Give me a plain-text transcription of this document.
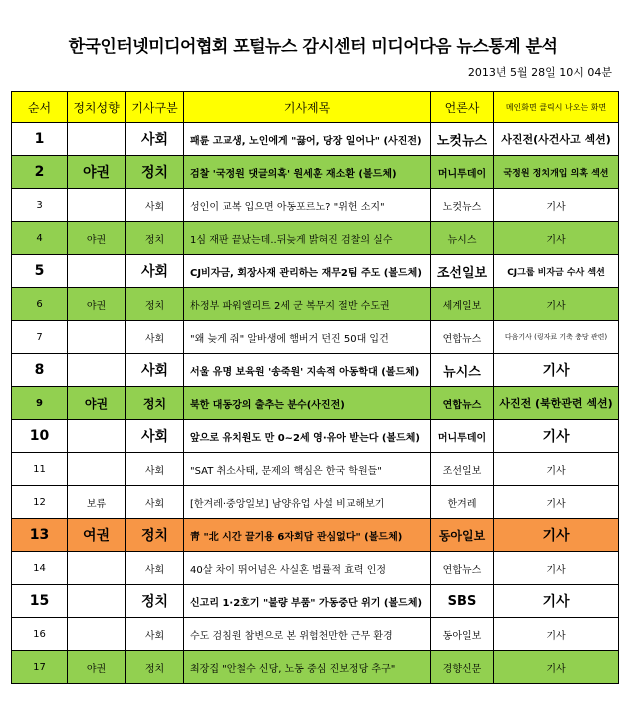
한국인터넷미디어협회 포털뉴스 감시센터 미디어다음 뉴스통계 분석
2013년 5월 28일 10시 04분
순서	정치성향	기사구분	기사제목	언론사	메인화면 클릭시 나오는 화면
1		사회	패륜 고교생, 노인에게 "끓어, 당장 일어나" (사진전)	노컷뉴스	사진전(사건사고 섹션)
2	야권	정치	검찰 '국정원 댓글의혹' 원세훈 재소환 (볼드체)	머니투데이	국정원 정치개입 의혹 섹션
3		사회	성인이 교복 입으면 아동포르노? "위헌 소지"	노컷뉴스	기사
4	야권	정치	1심 재판 끝났는데..뒤늦게 밝혀진 검찰의 실수	뉴시스	기사
5		사회	CJ비자금, 회장사재 관리하는 재무2팀 주도 (볼드체)	조선일보	CJ그룹 비자금 수사 섹션
6	야권	정치	朴정부 파워엘리트 2세 군 복무지 절반 수도권	세계일보	기사
7		사회	"왜 늦게 줘" 알바생에 햄버거 던진 50대 입건	연합뉴스	다음기사 (링자료 기축 충당 관련)
8		사회	서울 유명 보육원 '송죽원' 지속적 아동학대 (볼드체)	뉴시스	기사
9	야권	정치	북한 대동강의 출추는 분수(사진전)	연합뉴스	사진전 (북한관련 섹션)
10		사회	앞으로 유치원도 만 0~2세 영·유아 받는다 (볼드체)	머니투데이	기사
11		사회	"SAT 취소사태, 문제의 핵심은 한국 학원들"	조선일보	기사
12	보류	사회	[한겨레·중앙일보] 남양유업 사설 비교해보기	한겨레	기사
13	여권	정치	靑 "北 시간 끌기용 6자회담 관심없다" (볼드체)	동아일보	기사
14		사회	40살 차이 뛰어넘은 사실혼 법률적 효력 인정	연합뉴스	기사
15		정치	신고리 1·2호기 "불량 부품" 가동중단 위기 (볼드체)	SBS	기사
16		사회	수도 검침원 참변으로 본 위험천만한 근무 환경	동아일보	기사
17	야권	정치	최장집 "안철수 신당, 노동 중심 진보정당 추구"	경향신문	기사
